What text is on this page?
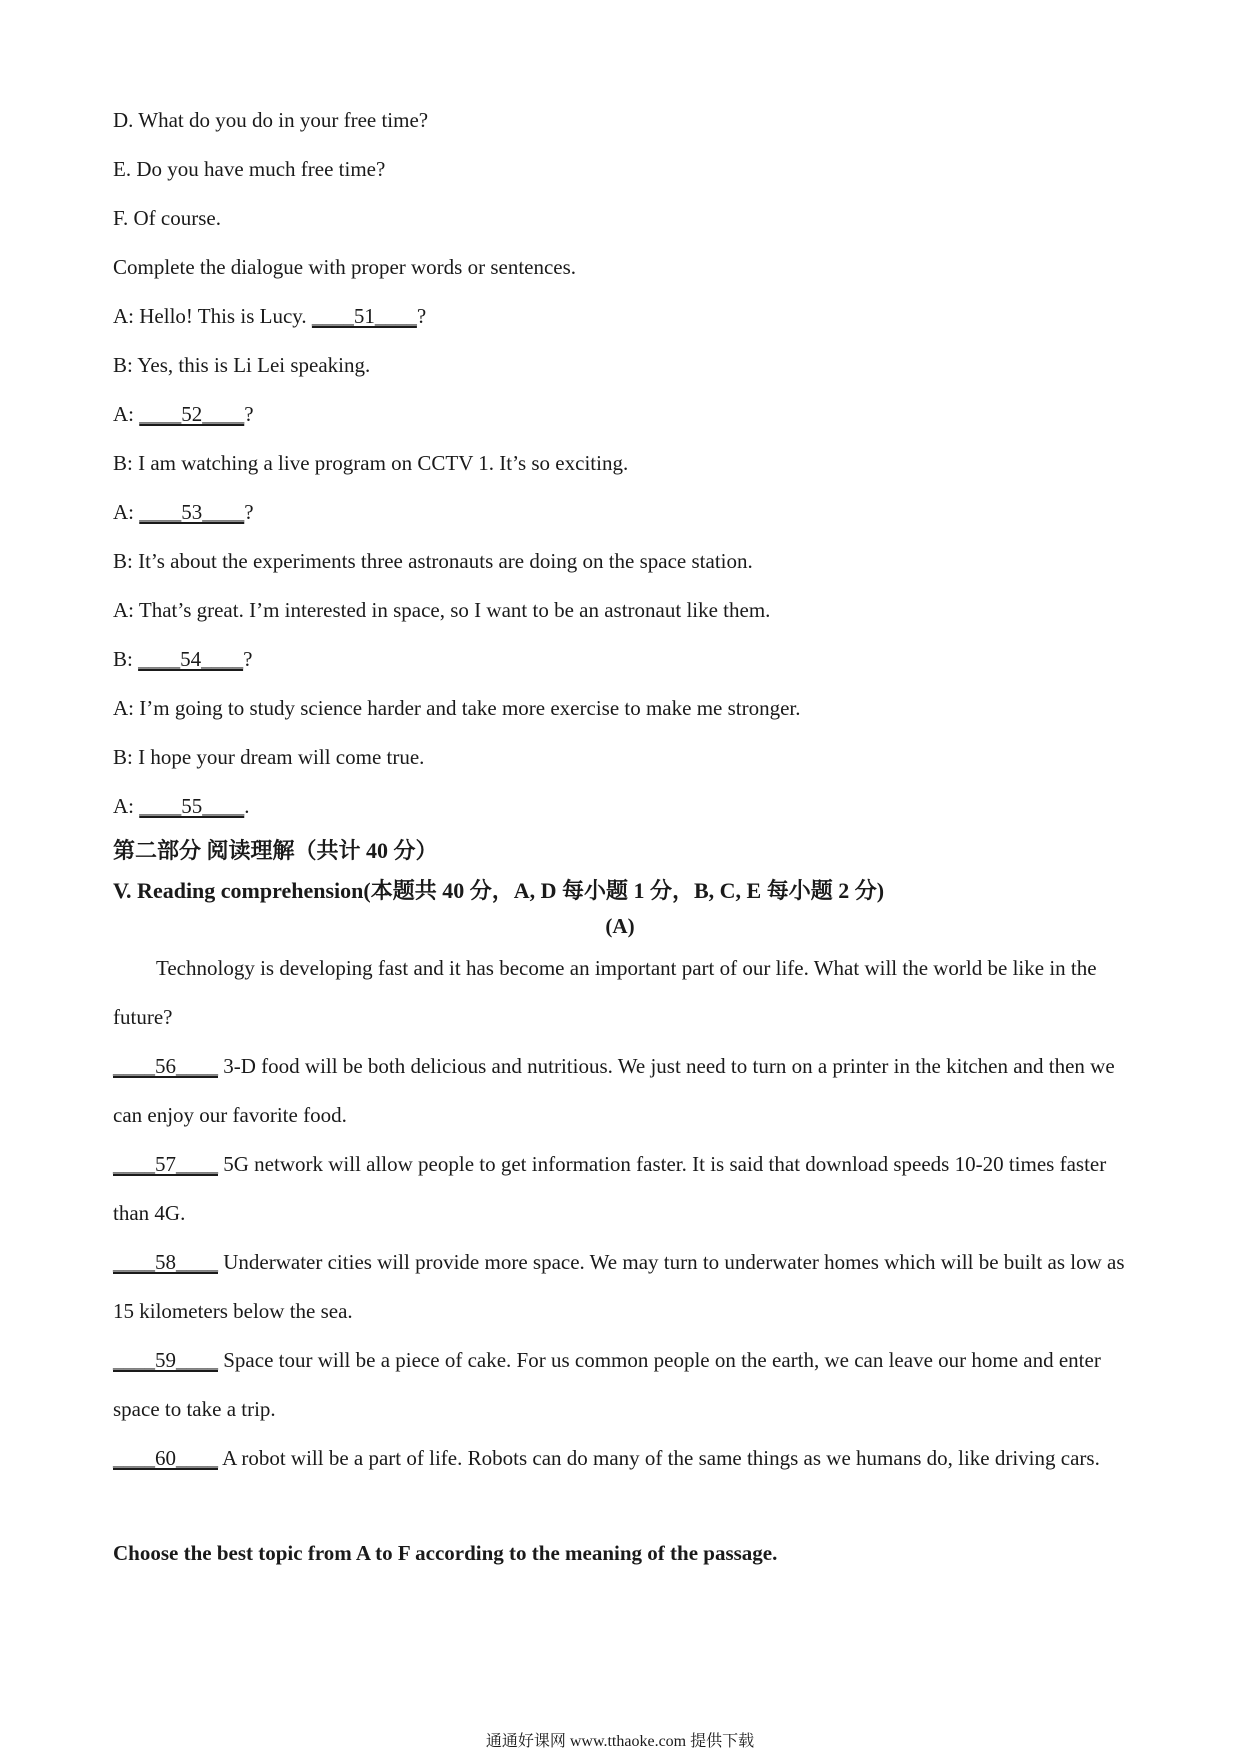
D. What do you do in your free time?
E. Do you have much free time?
F. Of course.
Complete the dialogue with proper words or sentences.
A: Hello! This is Lucy. ____51____?
B: Yes, this is Li Lei speaking.
A: ____52____?
B: I am watching a live program on CCTV 1. It’s so exciting.
A: ____53____?
B: It’s about the experiments three astronauts are doing on the space station.
A: That’s great. I’m interested in space, so I want to be an astronaut like them.
B: ____54____?
A: I’m going to study science harder and take more exercise to make me stronger.
B: I hope your dream will come true.
A: ____55____.
第二部分 阅读理解（共计 40 分）
V. Reading comprehension(本题共 40 分，A, D 每小题 1 分，B, C, E 每小题 2 分)
(A)
Technology is developing fast and it has become an important part of our life. What will the world be like in the future?
____56____ 3-D food will be both delicious and nutritious. We just need to turn on a printer in the kitchen and then we can enjoy our favorite food.
____57____ 5G network will allow people to get information faster. It is said that download speeds 10-20 times faster than 4G.
____58____ Underwater cities will provide more space. We may turn to underwater homes which will be built as low as 15 kilometers below the sea.
____59____ Space tour will be a piece of cake. For us common people on the earth, we can leave our home and enter space to take a trip.
____60____ A robot will be a part of life. Robots can do many of the same things as we humans do, like driving cars.
Choose the best topic from A to F according to the meaning of the passage.
通通好课网 www.tthaoke.com 提供下载
